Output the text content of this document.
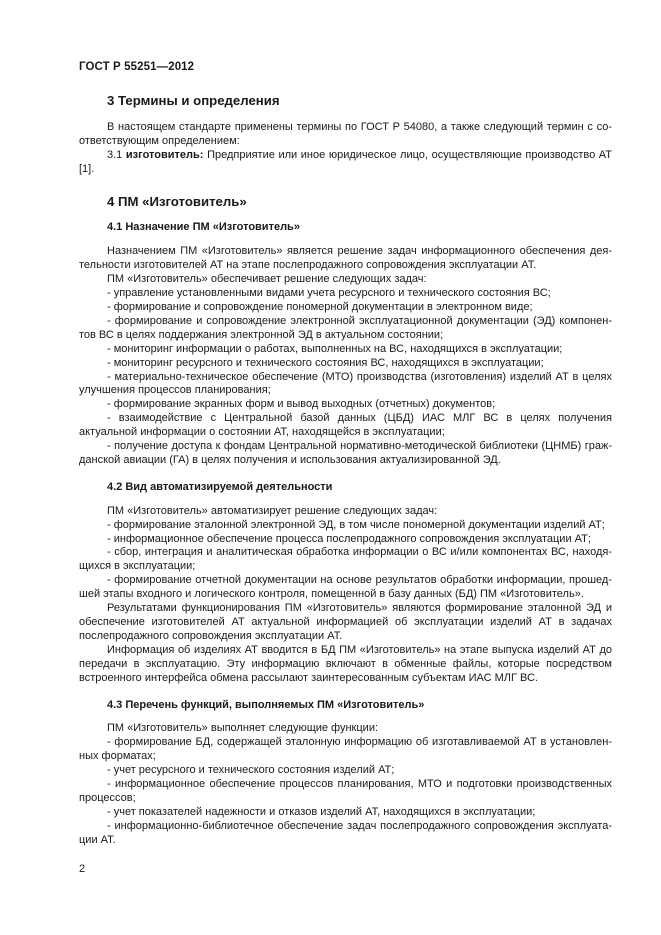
ГОСТ Р 55251—2012
3 Термины и определения

В настоящем стандарте применены термины по ГОСТ Р 54080, а также следующий термин с соответствующим определением:

3.1 изготовитель: Предприятие или иное юридическое лицо, осуществляющие производство АТ [1].

4 ПМ «Изготовитель»
4.1 Назначение ПМ «Изготовитель»

Назначением ПМ «Изготовитель» является решение задач информационного обеспечения деятельности изготовителей АТ на этапе послепродажного сопровождения эксплуатации АТ.

ПМ «Изготовитель» обеспечивает решение следующих задач:

- управление установленными видами учета ресурсного и технического состояния ВС;

- формирование и сопровождение пономерной документации в электронном виде;

- формирование и сопровождение электронной эксплуатационной документации (ЭД) компонентов ВС в целях поддержания электронной ЭД в актуальном состоянии;

- мониторинг информации о работах, выполненных на ВС, находящихся в эксплуатации;

- мониторинг ресурсного и технического состояния ВС, находящихся в эксплуатации;

- материально-техническое обеспечение (МТО) производства (изготовления) изделий АТ в целях улучшения процессов планирования;

- формирование экранных форм и вывод выходных (отчетных) документов;

- взаимодействие с Центральной базой данных (ЦБД) ИАС МЛГ ВС в целях получения актуальной информации о состоянии АТ, находящейся в эксплуатации;

- получение доступа к фондам Центральной нормативно-методической библиотеки (ЦНМБ) гражданской авиации (ГА) в целях получения и использования актуализированной ЭД.

4.2 Вид автоматизируемой деятельности

ПМ «Изготовитель» автоматизирует решение следующих задач:

- формирование эталонной электронной ЭД, в том числе пономерной документации изделий АТ;

- информационное обеспечение процесса послепродажного сопровождения эксплуатации АТ;

- сбор, интеграция и аналитическая обработка информации о ВС и/или компонентах ВС, находящихся в эксплуатации;

- формирование отчетной документации на основе результатов обработки информации, прошедшей этапы входного и логического контроля, помещенной в базу данных (БД) ПМ «Изготовитель».

Результатами функционирования ПМ «Изготовитель» являются формирование эталонной ЭД и обеспечение изготовителей АТ актуальной информацией об эксплуатации изделий АТ в задачах послепродажного сопровождения эксплуатации АТ.

Информация об изделиях АТ вводится в БД ПМ «Изготовитель» на этапе выпуска изделий АТ до передачи в эксплуатацию. Эту информацию включают в обменные файлы, которые посредством встроенного интерфейса обмена рассылают заинтересованным субъектам ИАС МЛГ ВС.

4.3 Перечень функций, выполняемых ПМ «Изготовитель»

ПМ «Изготовитель» выполняет следующие функции:

- формирование БД, содержащей эталонную информацию об изготавливаемой АТ в установленных форматах;

- учет ресурсного и технического состояния изделий АТ;

- информационное обеспечение процессов планирования, МТО и подготовки производственных процессов;

- учет показателей надежности и отказов изделий АТ, находящихся в эксплуатации;

- информационно-библиотечное обеспечение задач послепродажного сопровождения эксплуатации АТ.

2
